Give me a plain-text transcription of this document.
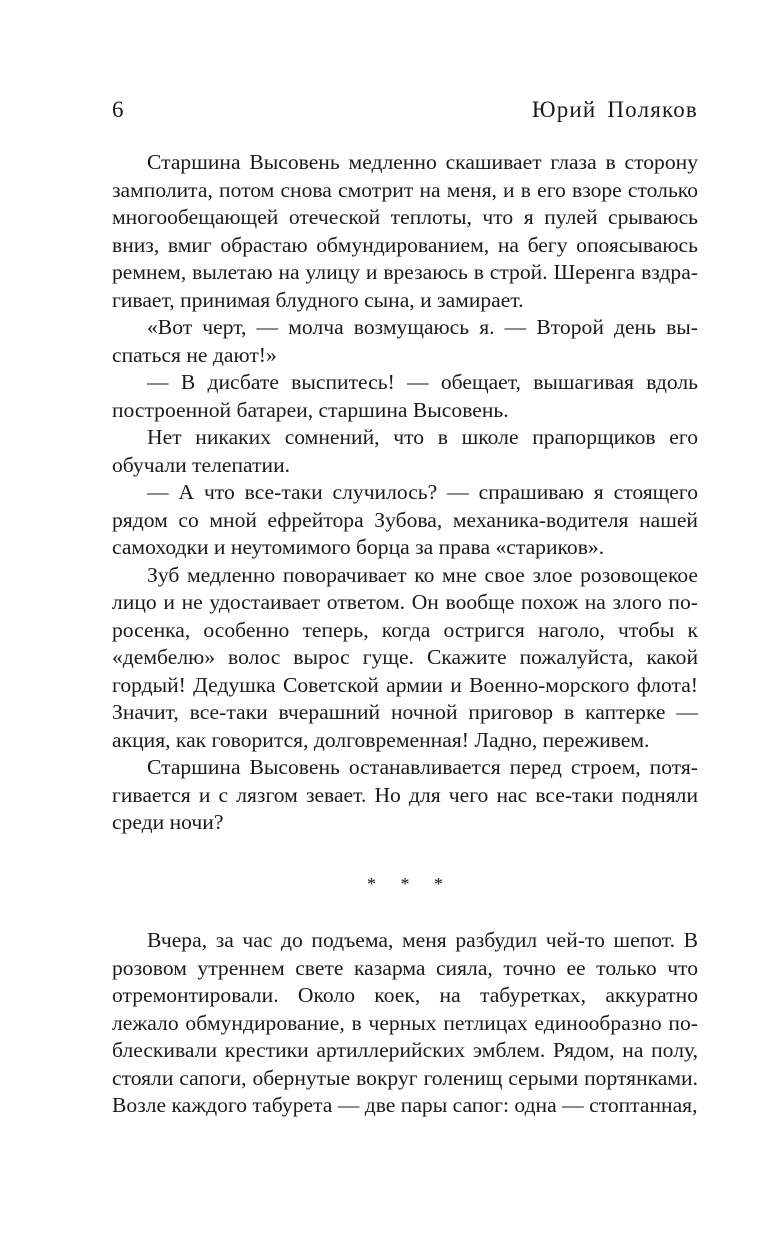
6	Юрий Поляков

Старшина Высовень медленно скашивает глаза в сторону замполита, потом снова смотрит на меня, и в его взоре столько многообещающей отеческой теплоты, что я пулей срываюсь вниз, вмиг обрастаю обмундированием, на бегу опоясываюсь ремнем, вылетаю на улицу и врезаюсь в строй. Шеренга вздрагивает, принимая блудного сына, и замирает.

«Вот черт, — молча возмущаюсь я. — Второй день выспаться не дают!»

— В дисбате выспитесь! — обещает, вышагивая вдоль построенной батареи, старшина Высовень.

Нет никаких сомнений, что в школе прапорщиков его обучали телепатии.

— А что все-таки случилось? — спрашиваю я стоящего рядом со мной ефрейтора Зубова, механика-водителя нашей самоходки и неутомимого борца за права «стариков».

Зуб медленно поворачивает ко мне свое злое розовощекое лицо и не удостаивает ответом. Он вообще похож на злого поросенка, особенно теперь, когда остригся наголо, чтобы к «дембелю» волос вырос гуще. Скажите пожалуйста, какой гордый! Дедушка Советской армии и Военно-морского флота! Значит, все-таки вчерашний ночной приговор в каптерке — акция, как говорится, долговременная! Ладно, переживем.

Старшина Высовень останавливается перед строем, потягивается и с лязгом зевает. Но для чего нас все-таки подняли среди ночи?

* * *

Вчера, за час до подъема, меня разбудил чей-то шепот. В розовом утреннем свете казарма сияла, точно ее только что отремонтировали. Около коек, на табуретках, аккуратно лежало обмундирование, в черных петлицах единообразно поблескивали крестики артиллерийских эмблем. Рядом, на полу, стояли сапоги, обернутые вокруг голенищ серыми портянками. Возле каждого табурета — две пары сапог: одна — стоптанная,
